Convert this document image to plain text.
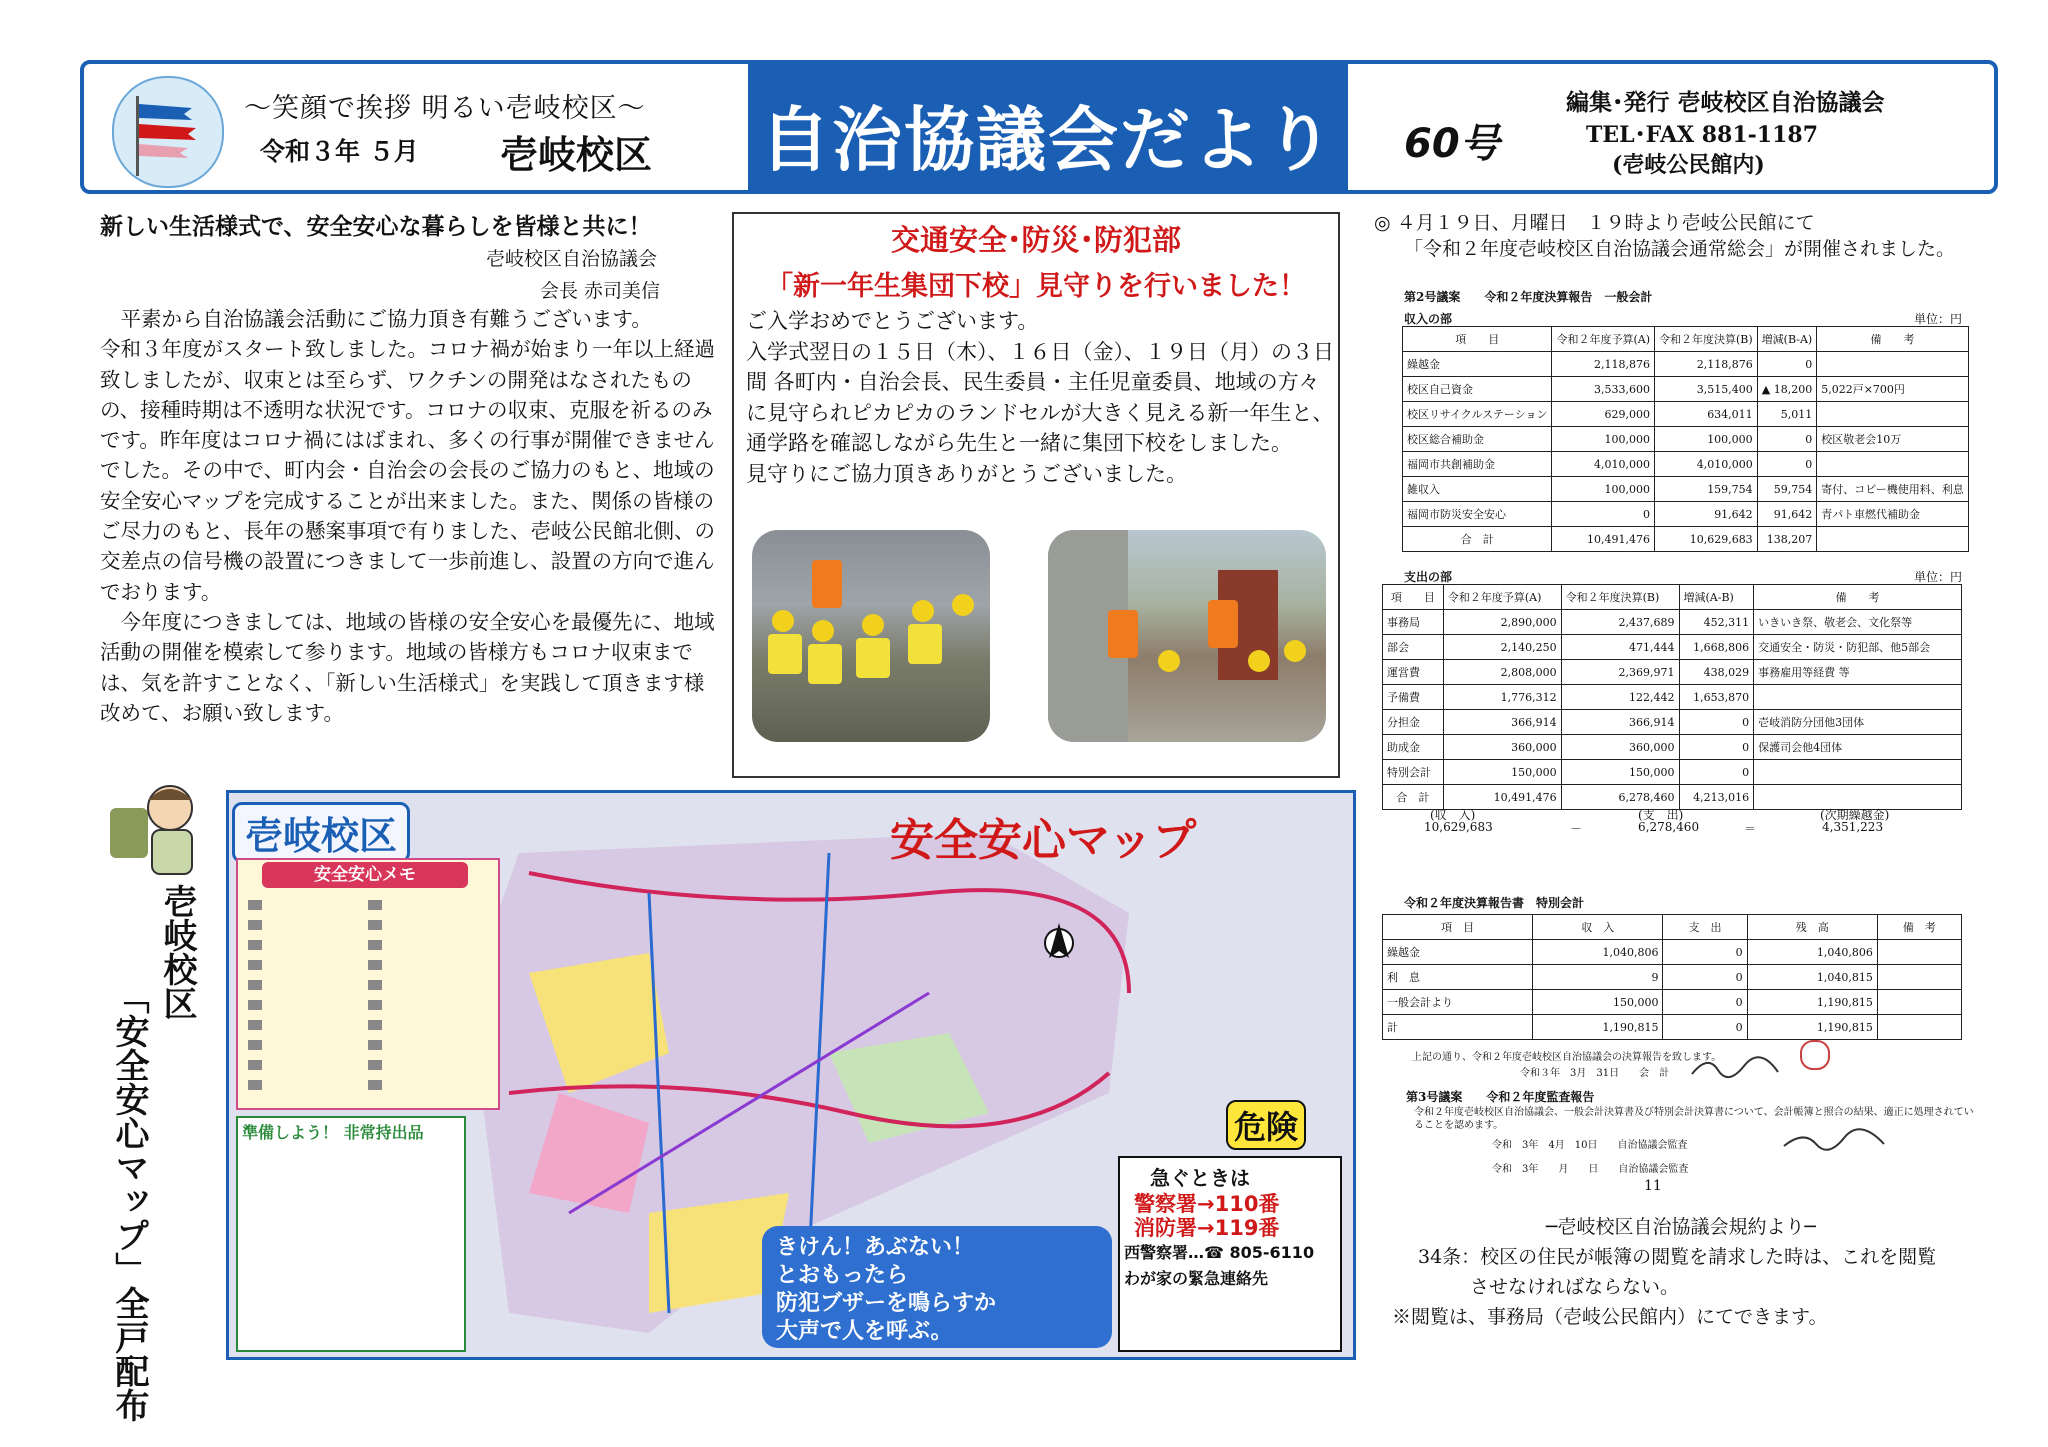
〜笑顔で挨拶 明るい壱岐校区〜
令和３年 ５月 壱岐校区 自治協議会だより	60号
編集･発行 壱岐校区自治協議会
TEL･FAX 881-1187
(壱岐公民館内)
新しい生活様式で、安全安心な暮らしを皆様と共に！
壱岐校区自治協議会
会長 赤司美信

平素から自治協議会活動にご協力頂き有難うございます。

令和３年度がスタート致しました。コロナ禍が始まり一年以上経過致しましたが、収束とは至らず、ワクチンの開発はなされたものの、接種時期は不透明な状況です。コロナの収束、克服を祈るのみです。昨年度はコロナ禍にはばまれ、多くの行事が開催できませんでした。その中で、町内会・自治会の会長のご協力のもと、地域の安全安心マップを完成することが出来ました。また、関係の皆様のご尽力のもと、長年の懸案事項で有りました、壱岐公民館北側、の交差点の信号機の設置につきまして一歩前進し、設置の方向で進んでおります。

今年度につきましては、地域の皆様の安全安心を最優先に、地域活動の開催を模索して参ります。地域の皆様方もコロナ収束までは、気を許すことなく、「新しい生活様式」を実践して頂きます様改めて、お願い致します。

交通安全･防災･防犯部
「新一年生集団下校」見守りを行いました！

ご入学おめでとうございます。

入学式翌日の１５日（木）、１６日（金）、１９日（月）の３日間 各町内・自治会長、民生委員・主任児童委員、地域の方々に見守られピカピカのランドセルが大きく見える新一年生と、通学路を確認しながら先生と一緒に集団下校をしました。

見守りにご協力頂きありがとうございました。

壱岐校区
「安全安心マップ」全戸配布
壱岐校区	安全安心マップ
安全安心メモ
準備しよう！ 非常持出品	危険
きけん！あぶない！
とおもったら
防犯ブザーを鳴らすか
大声で人を呼ぶ。
急ぐときは
警察署→110番
消防署→119番
西警察署…☎ 805-6110
わが家の緊急連絡先
◎ ４月１９日、月曜日　１９時より壱岐公民館にて
「令和２年度壱岐校区自治協議会通常総会」が開催されました。
第2号議案　　令和２年度決算報告　一般会計
収入の部	単位：円
項　　目	令和２年度予算(A)	令和２年度決算(B)	増減(B-A)	備　　考
繰越金	2,118,876	2,118,876	0	
校区自己資金	3,533,600	3,515,400	▲ 18,200	5,022戸×700円
校区リサイクルステーション	629,000	634,011	5,011	
校区総合補助金	100,000	100,000	0	校区敬老会10万
福岡市共創補助金	4,010,000	4,010,000	0	
雑収入	100,000	159,754	59,754	寄付、コピー機使用料、利息
福岡市防災安全安心	0	91,642	91,642	青パト車燃代補助金
合　計	10,491,476	10,629,683	138,207	
支出の部	単位：円
項　　目	令和２年度予算(A)	令和２年度決算(B)	増減(A-B)	備　　考
事務局	2,890,000	2,437,689	452,311	いきいき祭、敬老会、文化祭等
部会	2,140,250	471,444	1,668,806	交通安全・防災・防犯部、他5部会
運営費	2,808,000	2,369,971	438,029	事務雇用等経費 等
予備費	1,776,312	122,442	1,653,870	
分担金	366,914	366,914	0	壱岐消防分団他3団体
助成金	360,000	360,000	0	保護司会他4団体
特別会計	150,000	150,000	0	
合　計	10,491,476	6,278,460	4,213,016	
(収　入)	(支　出)	(次期繰越金)
10,629,683	－	6,278,460	＝	4,351,223
令和２年度決算報告書　特別会計
項　目	収　入	支　出	残　高	備　考
繰越金	1,040,806	0	1,040,806	
利　息	9	0	1,040,815	
一般会計より	150,000	0	1,190,815	
計	1,190,815	0	1,190,815	
上記の通り、令和２年度壱岐校区自治協議会の決算報告を致します。
令和３年　3月　31日　　会　計
第3号議案　　令和２年度監査報告
令和２年度壱岐校区自治協議会、一般会計決算書及び特別会計決算書について、会計帳簿と照合の結果、適正に処理されていることを認めます。
令和　3年　4月　10日　　自治協議会監査
令和　3年　　月　　日　　自治協議会監査
11
─壱岐校区自治協議会規約より─
34条：校区の住民が帳簿の閲覧を請求した時は、これを閲覧
させなければならない。
※閲覧は、事務局（壱岐公民館内）にてできます。
